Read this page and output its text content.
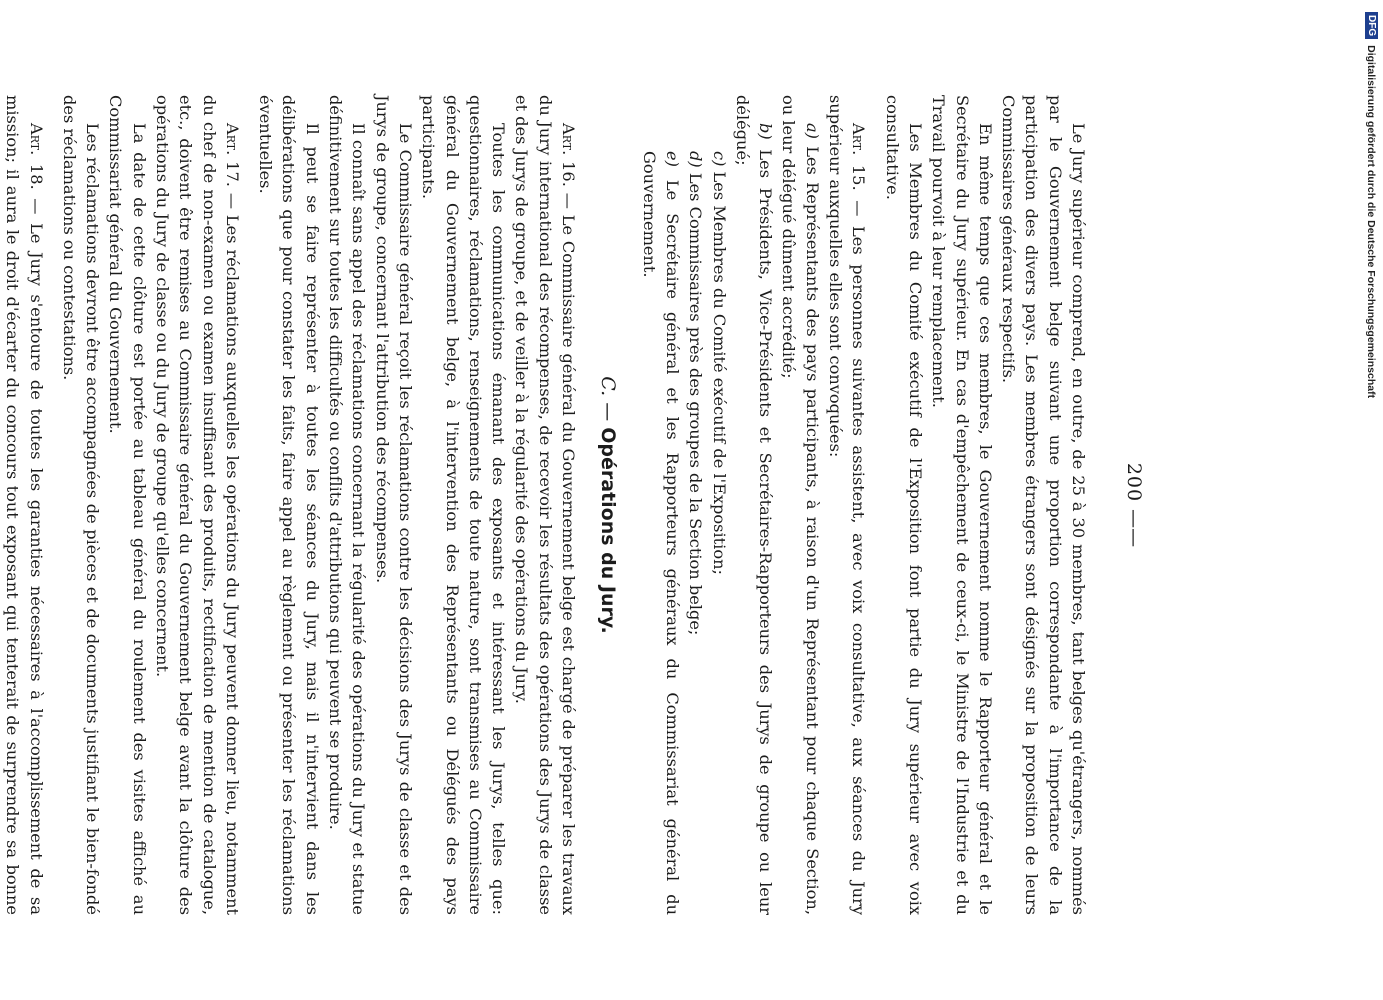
200 ——

Le Jury supérieur comprend, en outre, de 25 à 30 membres, tant belges qu'étrangers, nommés par le Gouvernement belge suivant une proportion correspondante à l'importance de la participation des divers pays. Les membres étrangers sont désignés sur la proposition de leurs Commissaires généraux respectifs.

En même temps que ces membres, le Gouvernement nomme le Rapporteur général et le Secrétaire du Jury supérieur. En cas d'empêchement de ceux-ci, le Ministre de l'Industrie et du Travail pourvoit à leur remplacement.

Les Membres du Comité exécutif de l'Exposition font partie du Jury supérieur avec voix consultative.

Art. 15. — Les personnes suivantes assistent, avec voix consultative, aux séances du Jury supérieur auxquelles elles sont convoquées:

a) Les Représentants des pays participants, à raison d'un Représentant pour chaque Section, ou leur délégué dûment accrédité;

b) Les Présidents, Vice-Présidents et Secrétaires-Rapporteurs des Jurys de groupe ou leur délégué;

c) Les Membres du Comité exécutif de l'Exposition;

d) Les Commissaires près des groupes de la Section belge;

e) Le Secrétaire général et les Rapporteurs généraux du Commissariat général du Gouvernement.

C. — Opérations du Jury.

Art. 16. — Le Commissaire général du Gouvernement belge est chargé de préparer les travaux du Jury international des récompenses, de recevoir les résultats des opérations des Jurys de classe et des Jurys de groupe, et de veiller à la régularité des opérations du Jury.

Toutes les communications émanant des exposants et intéressant les Jurys, telles que: questionnaires, réclamations, renseignements de toute nature, sont transmises au Commissaire général du Gouvernement belge, à l'intervention des Représentants ou Délégués des pays participants.

Le Commissaire général reçoit les réclamations contre les décisions des Jurys de classe et des Jurys de groupe, concernant l'attribution des récompenses.

Il connaît sans appel des réclamations concernant la régularité des opérations du Jury et statue définitivement sur toutes les difficultés ou conflits d'attributions qui peuvent se produire.

Il peut se faire représenter à toutes les séances du Jury, mais il n'intervient dans les délibérations que pour constater les faits, faire appel au règlement ou présenter les réclamations éventuelles.

Art. 17. — Les réclamations auxquelles les opérations du Jury peuvent donner lieu, notamment du chef de non-examen ou examen insuffisant des produits, rectification de mention de catalogue, etc., doivent être remises au Commissaire général du Gouvernement belge avant la clôture des opérations du Jury de classe ou du Jury de groupe qu'elles concernent.

La date de cette clôture est portée au tableau général du roulement des visites affiché au Commissariat général du Gouvernement.

Les réclamations devront être accompagnées de pièces et de documents justifiant le bien-fondé des réclamations ou contestations.

Art. 18. — Le Jury s'entoure de toutes les garanties nécessaires à l'accomplissement de sa mission; il aura le droit d'écarter du concours tout exposant qui tenterait de surprendre sa bonne

DFG
Digitalisierung gefördert durch die Deutsche Forschungsgemeinschaft
